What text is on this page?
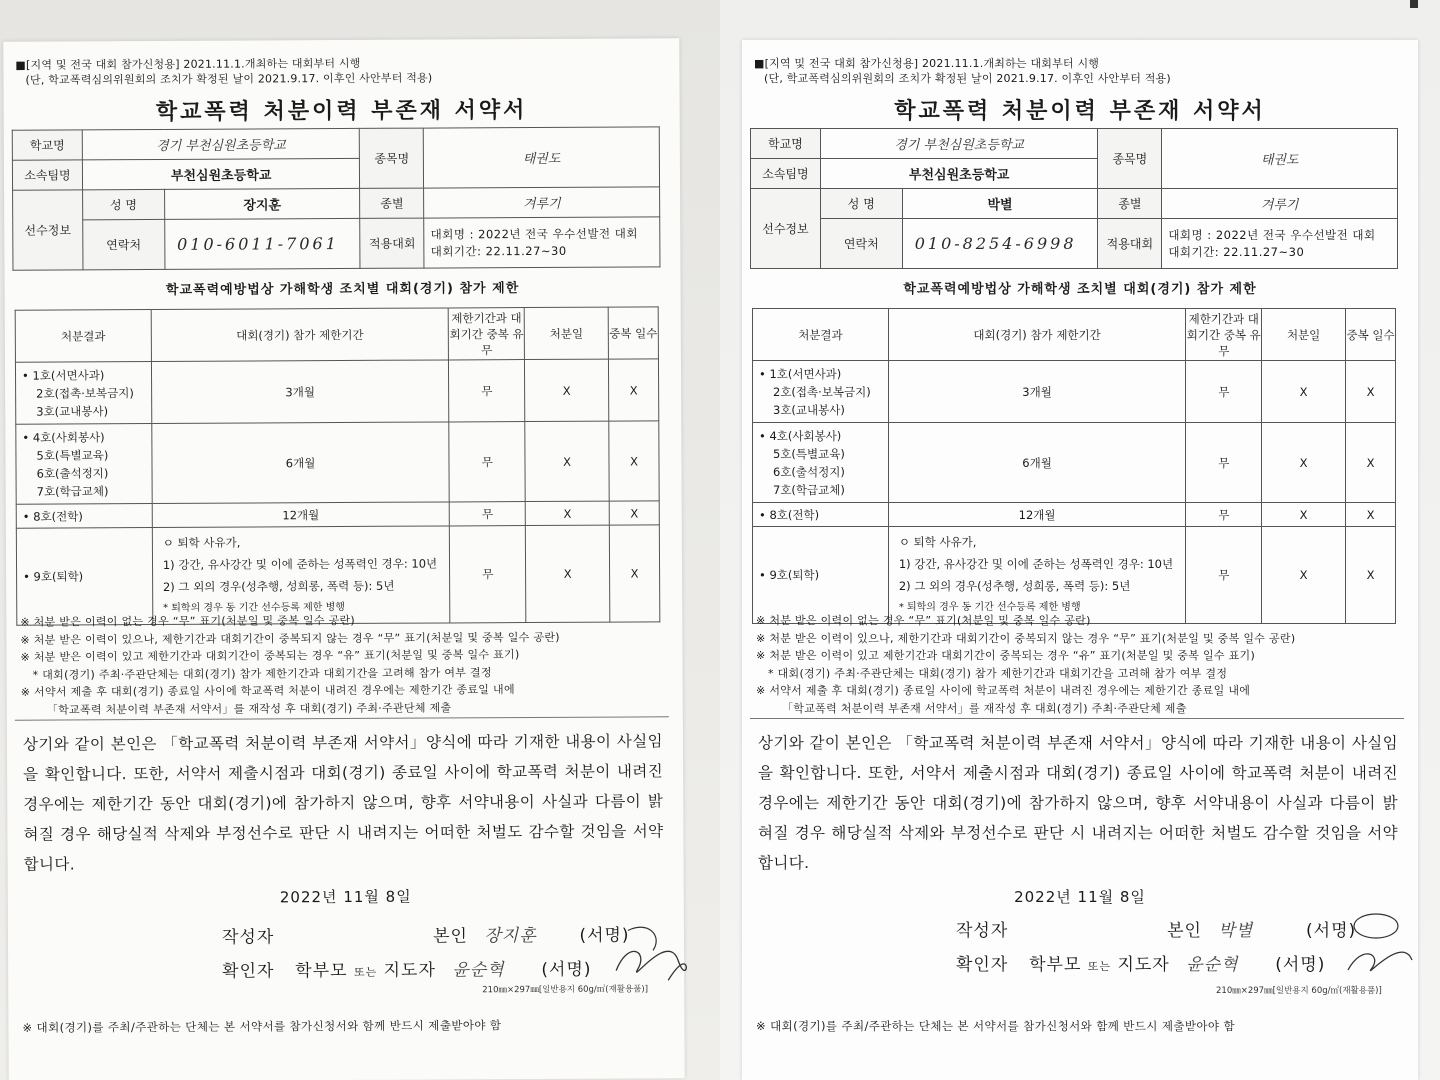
■[지역 및 전국 대회 참가신청용] 2021.11.1.개최하는 대회부터 시행
(단, 학교폭력심의위원회의 조치가 확정된 날이 2021.9.17. 이후인 사안부터 적용)
학교폭력 처분이력 부존재 서약서
학교명	경기 부천심원초등학교		종목명	태권도
소속팀명	부천심원초등학교			
선수정보	성 명	장지훈	종별	겨루기
	연락처	010-6011-7061	적용대회	대회명 : 2022년 전국 우수선발전 대회
대회기간: 22.11.27~30
학교폭력예방법상 가해학생 조치별 대회(경기) 참가 제한
처분결과	대회(경기) 참가 제한기간	제한기간과 대회기간 중복 유무	처분일	중복 일수

• 1호(서면사과)
2호(접촉·보복금지)
3호(교내봉사)	3개월	무	X	X

• 4호(사회봉사)
5호(특별교육)
6호(출석정지)
7호(학급교체)	6개월	무	X	X
• 8호(전학)	12개월	무	X	X
• 9호(퇴학)	ㅇ 퇴학 사유가,
1) 강간, 유사강간 및 이에 준하는 성폭력인 경우: 10년
2) 그 외의 경우(성추행, 성희롱, 폭력 등): 5년
* 퇴학의 경우 동 기간 선수등록 제한 병행	무	X	X
※ 처분 받은 이력이 없는 경우 “무” 표기(처분일 및 중복 일수 공란)
※ 처분 받은 이력이 있으나, 제한기간과 대회기간이 중복되지 않는 경우 “무” 표기(처분일 및 중복 일수 공란)
※ 처분 받은 이력이 있고 제한기간과 대회기간이 중복되는 경우 “유” 표기(처분일 및 중복 일수 표기)
* 대회(경기) 주최·주관단체는 대회(경기) 참가 제한기간과 대회기간을 고려해 참가 여부 결정
※ 서약서 제출 후 대회(경기) 종료일 사이에 학교폭력 처분이 내려진 경우에는 제한기간 종료일 내에
「학교폭력 처분이력 부존재 서약서」를 재작성 후 대회(경기) 주최·주관단체 제출
상기와 같이 본인은 「학교폭력 처분이력 부존재 서약서」양식에 따라 기재한 내용이 사실임을 확인합니다. 또한, 서약서 제출시점과 대회(경기) 종료일 사이에 학교폭력 처분이 내려진 경우에는 제한기간 동안 대회(경기)에 참가하지 않으며, 향후 서약내용이 사실과 다름이 밝혀질 경우 해당실적 삭제와 부정선수로 판단 시 내려지는 어떠한 처벌도 감수할 것임을 서약합니다.
2022년 11월 8일
작성자	본인 장지훈	(서명)
확인자 학부모 또는 지도자 윤순혁 (서명)
210㎜×297㎜[일반용지 60g/㎡(재활용품)]
※ 대회(경기)를 주최/주관하는 단체는 본 서약서를 참가신청서와 함께 반드시 제출받아야 함
■[지역 및 전국 대회 참가신청용] 2021.11.1.개최하는 대회부터 시행
(단, 학교폭력심의위원회의 조치가 확정된 날이 2021.9.17. 이후인 사안부터 적용)
학교폭력 처분이력 부존재 서약서
학교명	경기 부천심원초등학교		종목명	태권도
소속팀명	부천심원초등학교			
선수정보	성 명	박별	종별	겨루기
	연락처	010-8254-6998	적용대회	대회명 : 2022년 전국 우수선발전 대회
대회기간: 22.11.27~30
학교폭력예방법상 가해학생 조치별 대회(경기) 참가 제한
처분결과	대회(경기) 참가 제한기간	제한기간과 대회기간 중복 유무	처분일	중복 일수

• 1호(서면사과)
2호(접촉·보복금지)
3호(교내봉사)	3개월	무	X	X

• 4호(사회봉사)
5호(특별교육)
6호(출석정지)
7호(학급교체)	6개월	무	X	X
• 8호(전학)	12개월	무	X	X
• 9호(퇴학)	ㅇ 퇴학 사유가,
1) 강간, 유사강간 및 이에 준하는 성폭력인 경우: 10년
2) 그 외의 경우(성추행, 성희롱, 폭력 등): 5년
* 퇴학의 경우 동 기간 선수등록 제한 병행	무	X	X
※ 처분 받은 이력이 없는 경우 “무” 표기(처분일 및 중복 일수 공란)
※ 처분 받은 이력이 있으나, 제한기간과 대회기간이 중복되지 않는 경우 “무” 표기(처분일 및 중복 일수 공란)
※ 처분 받은 이력이 있고 제한기간과 대회기간이 중복되는 경우 “유” 표기(처분일 및 중복 일수 표기)
* 대회(경기) 주최·주관단체는 대회(경기) 참가 제한기간과 대회기간을 고려해 참가 여부 결정
※ 서약서 제출 후 대회(경기) 종료일 사이에 학교폭력 처분이 내려진 경우에는 제한기간 종료일 내에
「학교폭력 처분이력 부존재 서약서」를 재작성 후 대회(경기) 주최·주관단체 제출
상기와 같이 본인은 「학교폭력 처분이력 부존재 서약서」양식에 따라 기재한 내용이 사실임을 확인합니다. 또한, 서약서 제출시점과 대회(경기) 종료일 사이에 학교폭력 처분이 내려진 경우에는 제한기간 동안 대회(경기)에 참가하지 않으며, 향후 서약내용이 사실과 다름이 밝혀질 경우 해당실적 삭제와 부정선수로 판단 시 내려지는 어떠한 처벌도 감수할 것임을 서약합니다.
2022년 11월 8일
작성자	본인 박별	(서명)
확인자 학부모 또는 지도자 윤순혁 (서명)
210㎜×297㎜[일반용지 60g/㎡(재활용품)]
※ 대회(경기)를 주최/주관하는 단체는 본 서약서를 참가신청서와 함께 반드시 제출받아야 함
